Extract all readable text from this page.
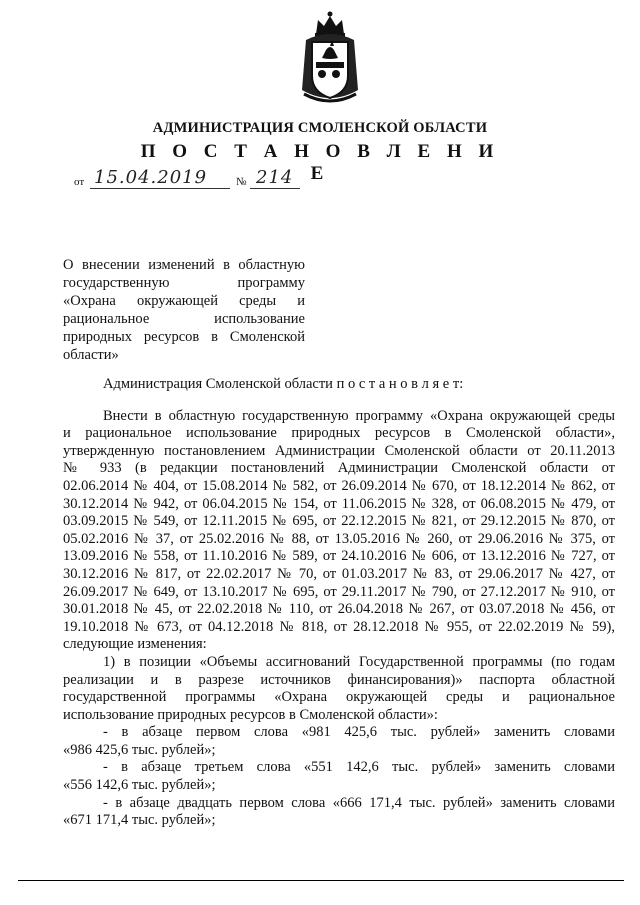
АДМИНИСТРАЦИЯ СМОЛЕНСКОЙ ОБЛАСТИ
П О С Т А Н О В Л Е Н И Е
от 15.04.2019	№ 214
О внесении изменений в областную
государственную программу
«Охрана окружающей среды и
рациональное использование
природных ресурсов в Смоленской
области»

Администрация Смоленской области п о с т а н о в л я е т:

Внести в областную государственную программу «Охрана окружающей среды

и рациональное использование природных ресурсов в Смоленской области»,

утвержденную постановлением Администрации Смоленской области от 20.11.2013

№ 933 (в редакции постановлений Администрации Смоленской области от

02.06.2014 № 404, от 15.08.2014 № 582, от 26.09.2014 № 670, от 18.12.2014 № 862, от

30.12.2014 № 942, от 06.04.2015 № 154, от 11.06.2015 № 328, от 06.08.2015 № 479, от

03.09.2015 № 549, от 12.11.2015 № 695, от 22.12.2015 № 821, от 29.12.2015 № 870, от

05.02.2016 № 37, от 25.02.2016 № 88, от 13.05.2016 № 260, от 29.06.2016 № 375, от

13.09.2016 № 558, от 11.10.2016 № 589, от 24.10.2016 № 606, от 13.12.2016 № 727, от

30.12.2016 № 817, от 22.02.2017 № 70, от 01.03.2017 № 83, от 29.06.2017 № 427, от

26.09.2017 № 649, от 13.10.2017 № 695, от 29.11.2017 № 790, от 27.12.2017 № 910, от

30.01.2018 № 45, от 22.02.2018 № 110, от 26.04.2018 № 267, от 03.07.2018 № 456, от

19.10.2018 № 673, от 04.12.2018 № 818, от 28.12.2018 № 955, от 22.02.2019 № 59),

следующие изменения:

1) в позиции «Объемы ассигнований Государственной программы (по годам

реализации и в разрезе источников финансирования)» паспорта областной

государственной программы «Охрана окружающей среды и рациональное

использование природных ресурсов в Смоленской области»:

- в абзаце первом слова «981 425,6 тыс. рублей» заменить словами

«986 425,6 тыс. рублей»;

- в абзаце третьем слова «551 142,6 тыс. рублей» заменить словами

«556 142,6 тыс. рублей»;

- в абзаце двадцать первом слова «666 171,4 тыс. рублей» заменить словами

«671 171,4 тыс. рублей»;
